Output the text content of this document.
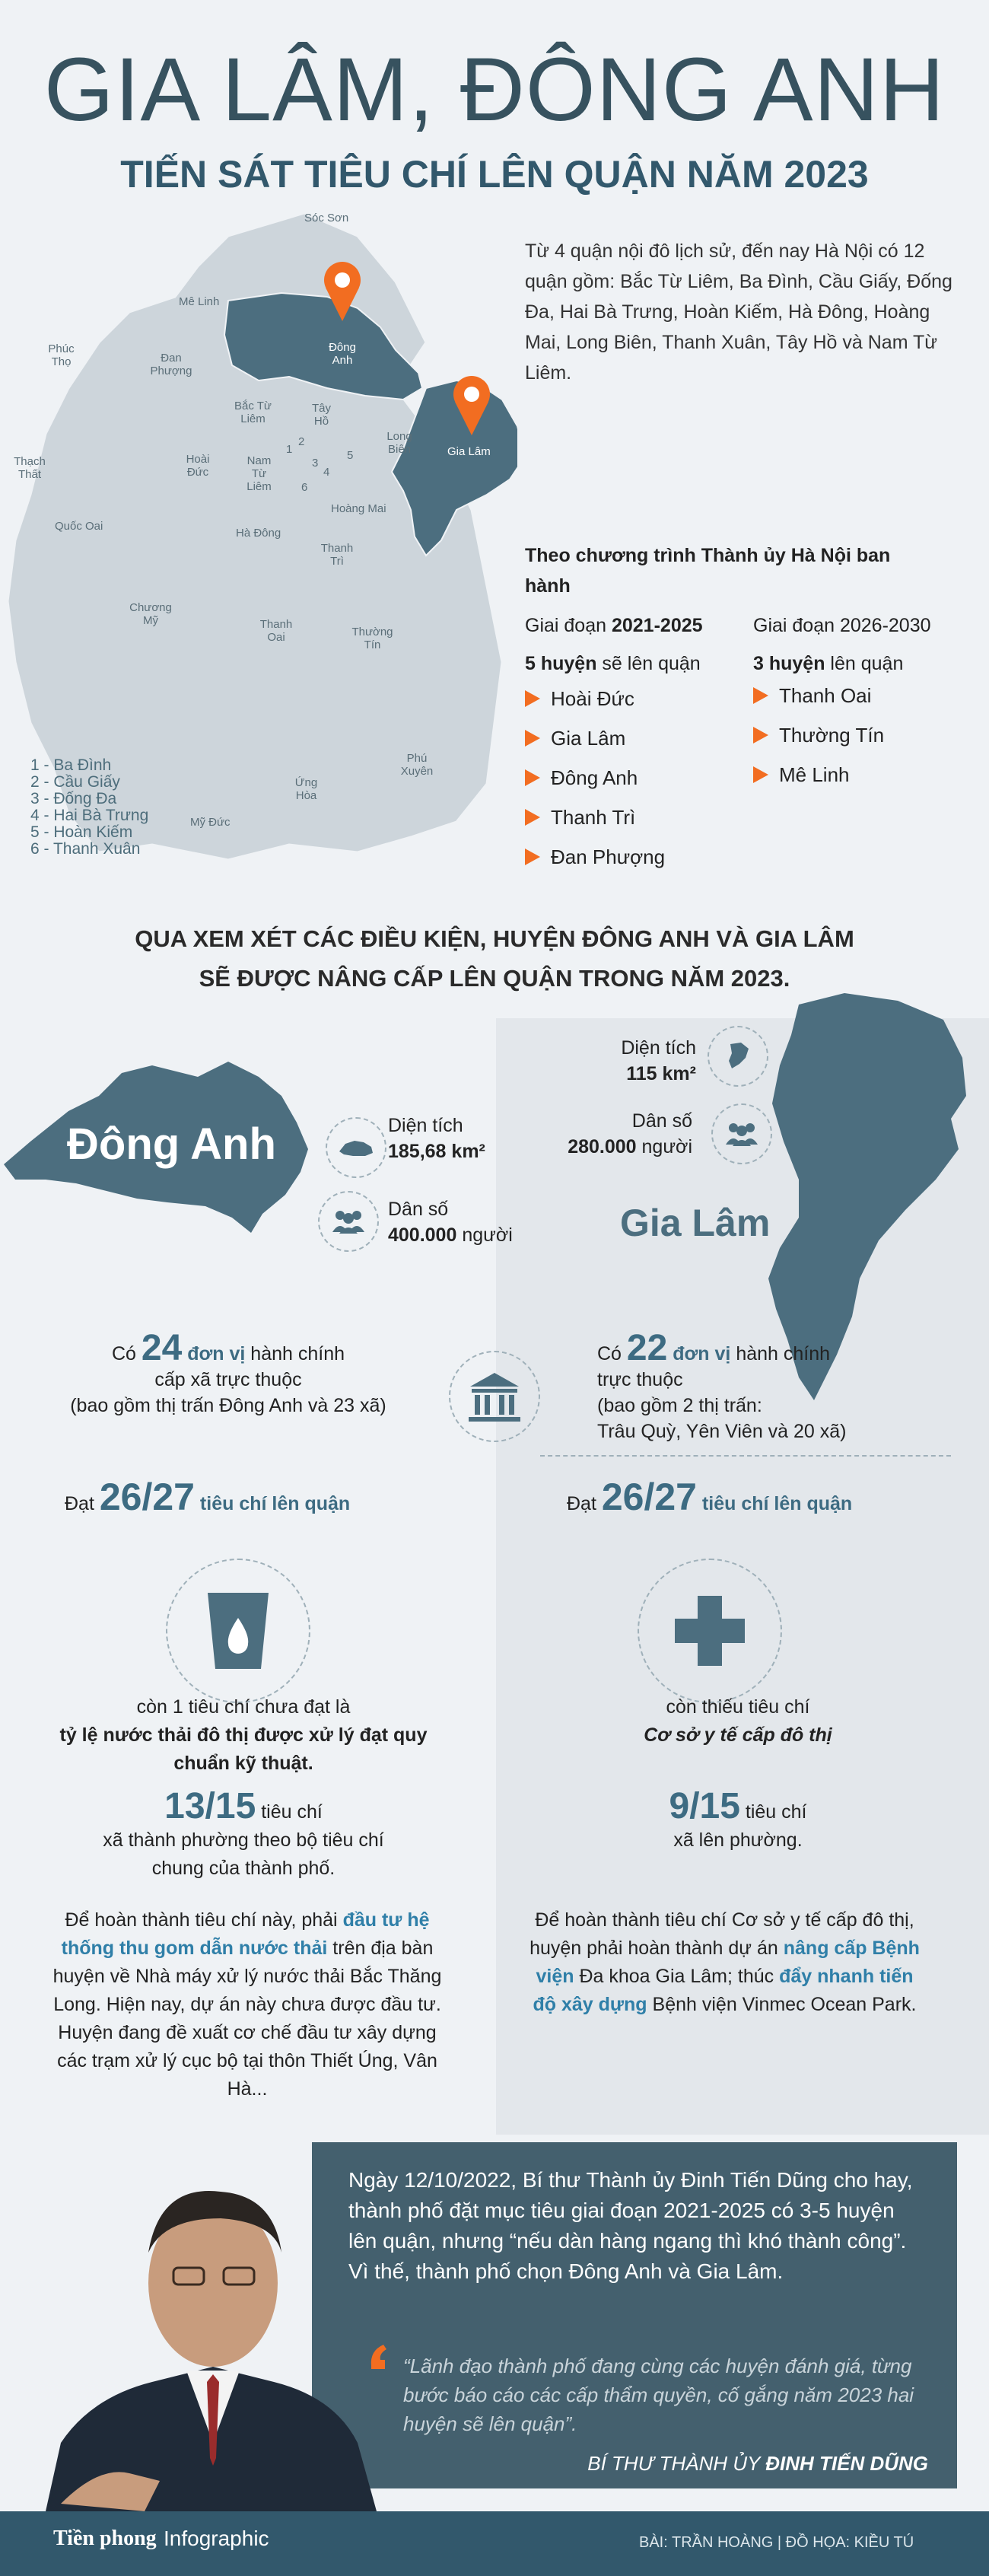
GIA LÂM, ĐÔNG ANH
TIẾN SÁT TIÊU CHÍ LÊN QUẬN NĂM 2023
Sóc Sơn
Mê Linh
Đông Anh
Phúc Thọ	Đan Phượng
Bắc Từ Liêm
Tây Hồ
Long Biên	Gia Lâm
Thạch Thất
Hoài Đức
Nam Từ Liêm
Hoàng Mai
Quốc Oai
Hà Đông
Thanh Trì
Chương Mỹ	Thanh Oai	Thường Tín
Phú Xuyên
Ứng Hòa
Mỹ Đức
1
2
3
4
5
6
1 - Ba Đình
2 - Cầu Giấy
3 - Đống Đa
4 - Hai Bà Trưng
5 - Hoàn Kiếm
6 - Thanh Xuân
Từ 4 quận nội đô lịch sử, đến nay Hà Nội có 12 quận gồm: Bắc Từ Liêm, Ba Đình, Cầu Giấy, Đống Đa, Hai Bà Trưng, Hoàn Kiếm, Hà Đông, Hoàng Mai, Long Biên, Thanh Xuân, Tây Hồ và Nam Từ Liêm.
Theo chương trình Thành ủy Hà Nội ban hành
Giai đoạn 2021-2025
5 huyện sẽ lên quận
Hoài Đức
Gia Lâm
Đông Anh
Thanh Trì
Đan Phượng
Giai đoạn 2026-2030
3 huyện lên quận
Thanh Oai
Thường Tín
Mê Linh
QUA XEM XÉT CÁC ĐIỀU KIỆN, HUYỆN ĐÔNG ANH VÀ GIA LÂM
SẼ ĐƯỢC NÂNG CẤP LÊN QUẬN TRONG NĂM 2023.
Đông Anh
Gia Lâm
Diện tích
185,68 km²
Dân số
400.000 người
Diện tích
115 km²
Dân số
280.000 người
Có 24 đơn vị hành chính
cấp xã trực thuộc
(bao gồm thị trấn Đông Anh và 23 xã)
Có 22 đơn vị hành chính
trực thuộc
(bao gồm 2 thị trấn:
Trâu Quỳ, Yên Viên và 20 xã)
Đạt 26/27 tiêu chí lên quận	Đạt 26/27 tiêu chí lên quận
còn 1 tiêu chí chưa đạt là
tỷ lệ nước thải đô thị được xử lý đạt quy chuẩn kỹ thuật.
còn thiếu tiêu chí
Cơ sở y tế cấp đô thị
13/15 tiêu chí
xã thành phường theo bộ tiêu chí chung của thành phố.
9/15 tiêu chí
xã lên phường.
Để hoàn thành tiêu chí này, phải đầu tư hệ thống thu gom dẫn nước thải trên địa bàn huyện về Nhà máy xử lý nước thải Bắc Thăng Long. Hiện nay, dự án này chưa được đầu tư. Huyện đang đề xuất cơ chế đầu tư xây dựng các trạm xử lý cục bộ tại thôn Thiết Úng, Vân Hà...
Để hoàn thành tiêu chí Cơ sở y tế cấp đô thị, huyện phải hoàn thành dự án nâng cấp Bệnh viện Đa khoa Gia Lâm; thúc đẩy nhanh tiến độ xây dựng Bệnh viện Vinmec Ocean Park.
Ngày 12/10/2022, Bí thư Thành ủy Đinh Tiến Dũng cho hay, thành phố đặt mục tiêu giai đoạn 2021-2025 có 3-5 huyện lên quận, nhưng “nếu dàn hàng ngang thì khó thành công”. Vì thế, thành phố chọn Đông Anh và Gia Lâm.
“Lãnh đạo thành phố đang cùng các huyện đánh giá, từng bước báo cáo các cấp thẩm quyền, cố gắng năm 2023 hai huyện sẽ lên quận”.
BÍ THƯ THÀNH ỦY ĐINH TIẾN DŨNG
Tiền phong Infographic	BÀI: TRẦN HOÀNG | ĐỒ HỌA: KIỀU TÚ
